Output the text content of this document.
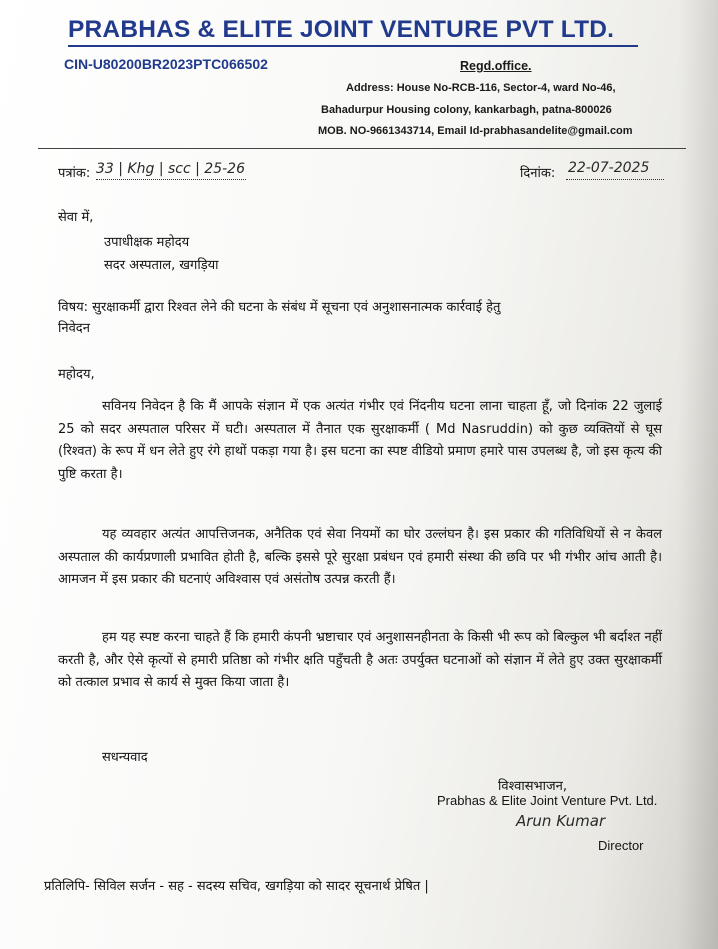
PRABHAS & ELITE JOINT VENTURE PVT LTD.
CIN-U80200BR2023PTC066502	Regd.office.
Address: House No-RCB-116, Sector-4, ward No-46,
Bahadurpur Housing colony, kankarbagh, patna-800026
MOB. NO-9661343714, Email Id-prabhasandelite@gmail.com
पत्रांक: 33 | Khg | scc | 25-26	दिनांक: 22-07-2025
सेवा में,
उपाधीक्षक महोदय
सदर अस्पताल, खगड़िया
विषय: सुरक्षाकर्मी द्वारा रिश्वत लेने की घटना के संबंध में सूचना एवं अनुशासनात्मक कार्रवाई हेतु
निवेदन
महोदय,
सविनय निवेदन है कि मैं आपके संज्ञान में एक अत्यंत गंभीर एवं निंदनीय घटना लाना चाहता हूँ, जो दिनांक 22 जुलाई 25 को सदर अस्पताल परिसर में घटी। अस्पताल में तैनात एक सुरक्षाकर्मी ( Md Nasruddin) को कुछ व्यक्तियों से घूस (रिश्वत) के रूप में धन लेते हुए रंगे हाथों पकड़ा गया है। इस घटना का स्पष्ट वीडियो प्रमाण हमारे पास उपलब्ध है, जो इस कृत्य की पुष्टि करता है।
यह व्यवहार अत्यंत आपत्तिजनक, अनैतिक एवं सेवा नियमों का घोर उल्लंघन है। इस प्रकार की गतिविधियों से न केवल अस्पताल की कार्यप्रणाली प्रभावित होती है, बल्कि इससे पूरे सुरक्षा प्रबंधन एवं हमारी संस्था की छवि पर भी गंभीर आंच आती है। आमजन में इस प्रकार की घटनाएं अविश्वास एवं असंतोष उत्पन्न करती हैं।
हम यह स्पष्ट करना चाहते हैं कि हमारी कंपनी भ्रष्टाचार एवं अनुशासनहीनता के किसी भी रूप को बिल्कुल भी बर्दाश्त नहीं करती है, और ऐसे कृत्यों से हमारी प्रतिष्ठा को गंभीर क्षति पहुँचती है अतः उपर्युक्त घटनाओं को संज्ञान में लेते हुए उक्त सुरक्षाकर्मी को तत्काल प्रभाव से कार्य से मुक्त किया जाता है।
सधन्यवाद
विश्वासभाजन,
Prabhas & Elite Joint Venture Pvt. Ltd.
Arun Kumar
Director
प्रतिलिपि- सिविल सर्जन - सह - सदस्य सचिव, खगड़िया को सादर सूचनार्थ प्रेषित |
